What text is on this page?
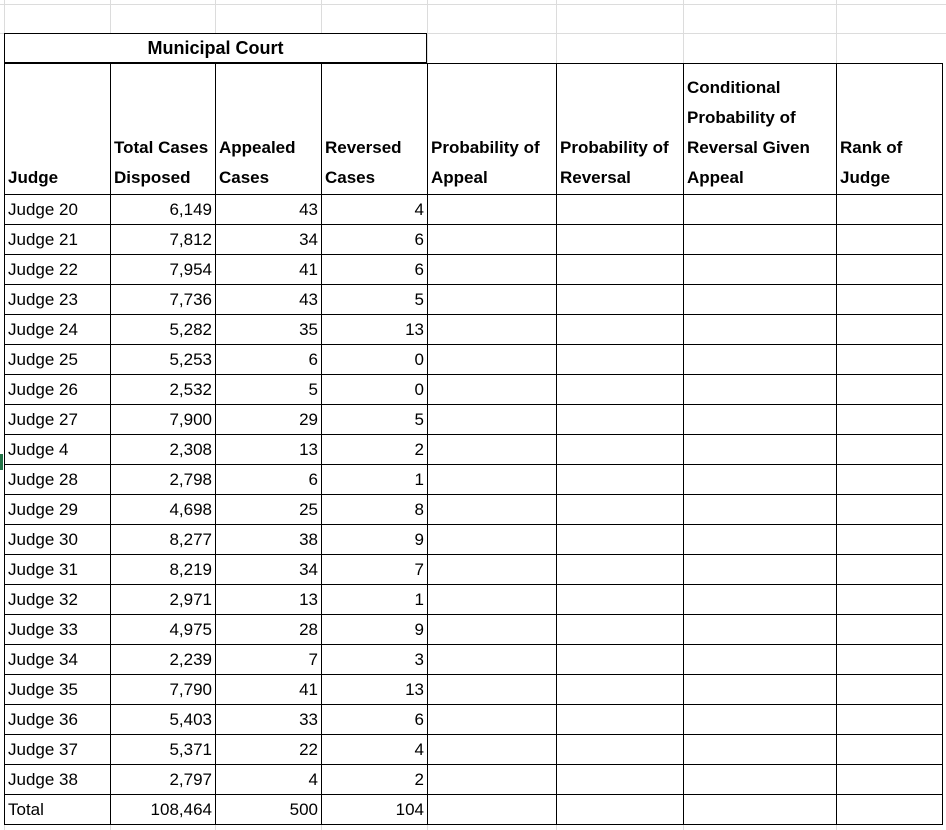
Municipal Court
Judge	Total Cases Disposed	Appealed Cases	Reversed Cases	Probability of Appeal	Probability of Reversal	Conditional Probability of Reversal Given Appeal	Rank of Judge
Judge 20	6,149	43	4				
Judge 21	7,812	34	6				
Judge 22	7,954	41	6				
Judge 23	7,736	43	5				
Judge 24	5,282	35	13				
Judge 25	5,253	6	0				
Judge 26	2,532	5	0				
Judge 27	7,900	29	5				
Judge 4	2,308	13	2				
Judge 28	2,798	6	1				
Judge 29	4,698	25	8				
Judge 30	8,277	38	9				
Judge 31	8,219	34	7				
Judge 32	2,971	13	1				
Judge 33	4,975	28	9				
Judge 34	2,239	7	3				
Judge 35	7,790	41	13				
Judge 36	5,403	33	6				
Judge 37	5,371	22	4				
Judge 38	2,797	4	2				
Total	108,464	500	104				
